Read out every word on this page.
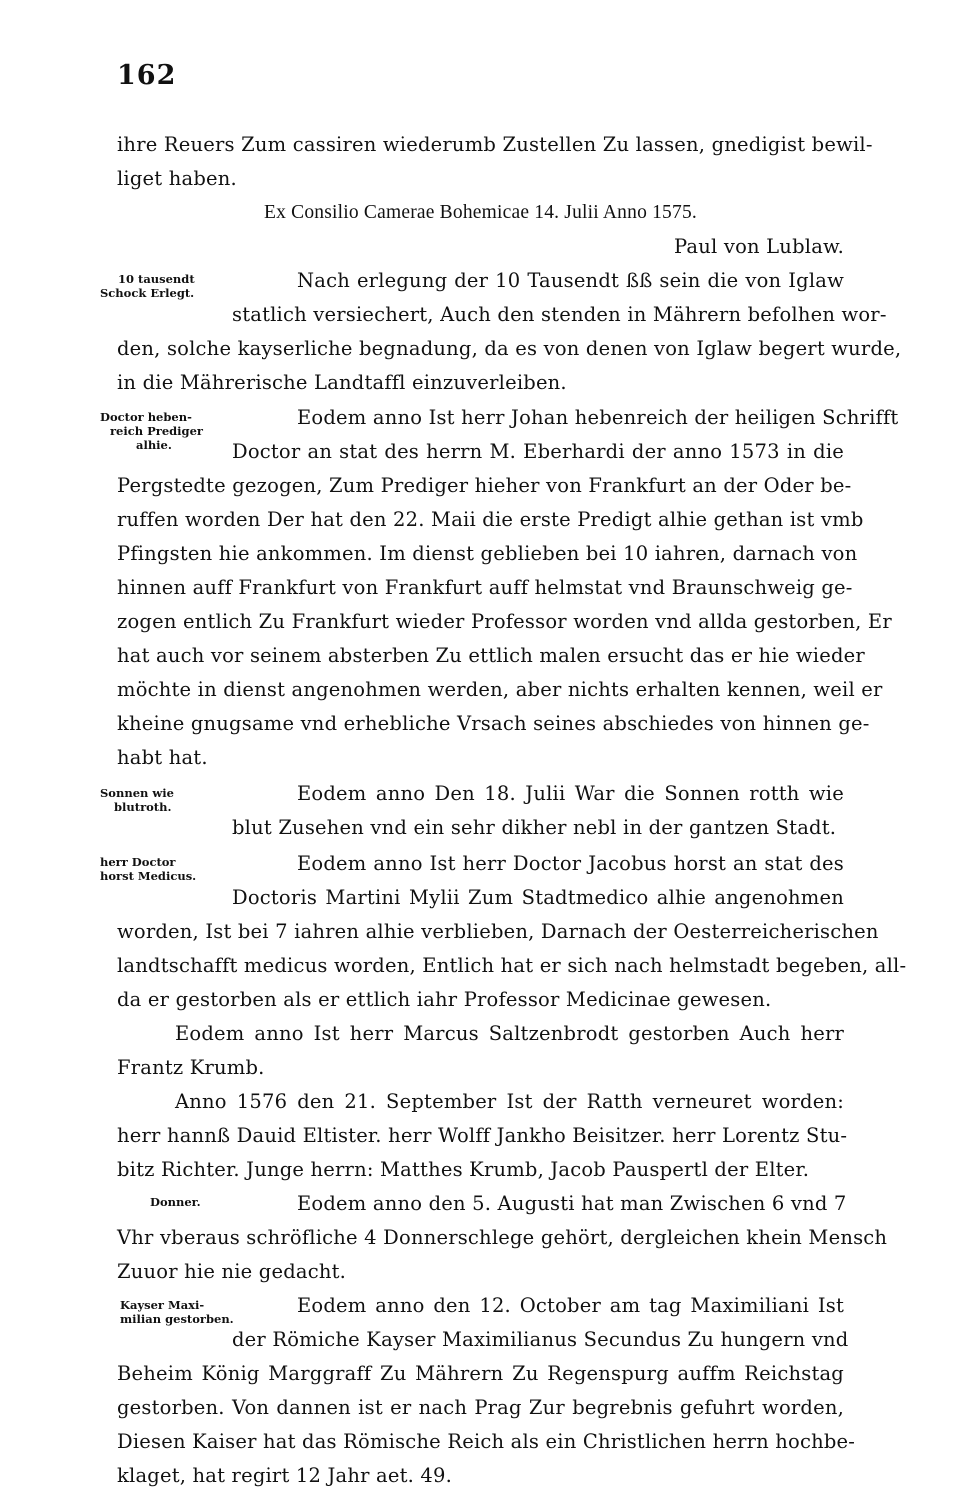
162
ihre Reuers Zum cassiren wiederumb Zustellen Zu lassen, gnedigist bewil-
liget haben.
Ex Consilio Camerae Bohemicae 14. Julii Anno 1575.
Paul von Lublaw.
10 tausendt
Schock Erlegt.
Nach erlegung der 10 Tausendt ßß sein die von Iglaw
statlich versiechert, Auch den stenden in Mährern befolhen wor-
den, solche kayserliche begnadung, da es von denen von Iglaw begert wurde,
in die Mährerische Landtaffl einzuverleiben.
Doctor heben-
reich Prediger
alhie.
Eodem anno Ist herr Johan hebenreich der heiligen Schrifft
Doctor an stat des herrn M. Eberhardi der anno 1573 in die
Pergstedte gezogen, Zum Prediger hieher von Frankfurt an der Oder be-
ruffen worden Der hat den 22. Maii die erste Predigt alhie gethan ist vmb
Pfingsten hie ankommen. Im dienst geblieben bei 10 iahren, darnach von
hinnen auff Frankfurt von Frankfurt auff helmstat vnd Braunschweig ge-
zogen entlich Zu Frankfurt wieder Professor worden vnd allda gestorben, Er
hat auch vor seinem absterben Zu ettlich malen ersucht das er hie wieder
möchte in dienst angenohmen werden, aber nichts erhalten kennen, weil er
kheine gnugsame vnd erhebliche Vrsach seines abschiedes von hinnen ge-
habt hat.
Sonnen wie
blutroth.
Eodem anno Den 18. Julii War die Sonnen rotth wie
blut Zusehen vnd ein sehr dikher nebl in der gantzen Stadt.
herr Doctor
horst Medicus.
Eodem anno Ist herr Doctor Jacobus horst an stat des
Doctoris Martini Mylii Zum Stadtmedico alhie angenohmen
worden, Ist bei 7 iahren alhie verblieben, Darnach der Oesterreicherischen
landtschafft medicus worden, Entlich hat er sich nach helmstadt begeben, all-
da er gestorben als er ettlich iahr Professor Medicinae gewesen.
Eodem anno Ist herr Marcus Saltzenbrodt gestorben Auch herr
Frantz Krumb.
Anno 1576 den 21. September Ist der Ratth verneuret worden:
herr hannß Dauid Eltister. herr Wolff Jankho Beisitzer. herr Lorentz Stu-
bitz Richter. Junge herrn: Matthes Krumb, Jacob Pauspertl der Elter.
Donner.	Eodem anno den 5. Augusti hat man Zwischen 6 vnd 7
Vhr vberaus schröfliche 4 Donnerschlege gehört, dergleichen khein Mensch
Zuuor hie nie gedacht.
Kayser Maxi-
milian gestorben.
Eodem anno den 12. October am tag Maximiliani Ist
der Römiche Kayser Maximilianus Secundus Zu hungern vnd
Beheim König Marggraff Zu Mährern Zu Regenspurg auffm Reichstag
gestorben. Von dannen ist er nach Prag Zur begrebnis gefuhrt worden,
Diesen Kaiser hat das Römische Reich als ein Christlichen herrn hochbe-
klaget, hat regirt 12 Jahr aet. 49.
